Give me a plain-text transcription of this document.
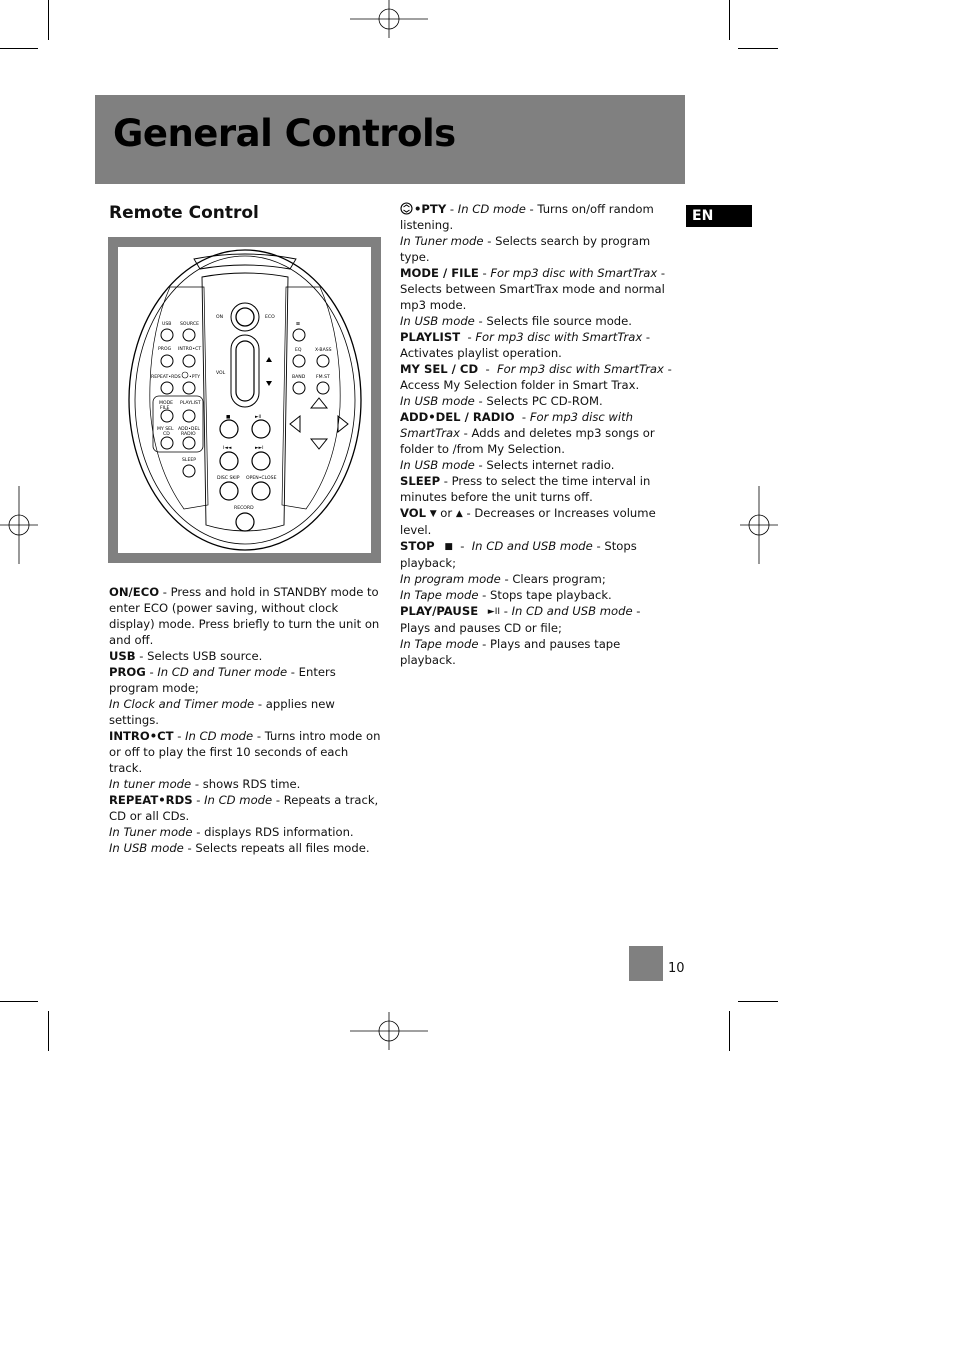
General Controls
Remote Control	EN
ON	ECO
USB SOURCE
PROG INTRO•CT
REPEAT•RDS •PTY
MODE
FILE
PLAYLIST
MY SEL
CD
ADD•DEL
RADIO
SLEEP
VOL
⊠
EQ	X-BASS
BAND FM.ST
■	►II
I◄◄	►►I
DISC SKIP OPEN•CLOSE
RECORD

ON/ECO - Press and hold in STANDBY mode to enter ECO (power saving, without clock display) mode. Press briefly to turn the unit on and off.

USB - Selects USB source.

PROG - In CD and Tuner mode - Enters program mode;

In Clock and Timer mode - applies new settings.

INTRO•CT - In CD mode - Turns intro mode on or off to play the first 10 seconds of each track.

In tuner mode - shows RDS time.

REPEAT•RDS - In CD mode - Repeats a track, CD or all CDs.

In Tuner mode - displays RDS information.

In USB mode - Selects repeats all files mode.

•PTY - In CD mode - Turns on/off random listening.

In Tuner mode - Selects search by program type.

MODE / FILE - For mp3 disc with SmartTrax - Selects between SmartTrax mode and normal mp3 mode.

In USB mode - Selects file source mode.

PLAYLIST  - For mp3 disc with SmartTrax - Activates playlist operation.

MY SEL / CD  -  For mp3 disc with SmartTrax - Access My Selection folder in Smart Trax.

In USB mode - Selects PC CD-ROM.

ADD•DEL / RADIO  - For mp3 disc with SmartTrax - Adds and deletes mp3 songs or folder to /from My Selection.

In USB mode - Selects internet radio.

SLEEP - Press to select the time interval in minutes before the unit turns off.

VOL ▼ or ▲ - Decreases or Increases volume level.

STOP ■  -  In CD and USB mode - Stops playback;

In program mode - Clears program;

In Tape mode - Stops tape playback.

PLAY/PAUSE ►II - In CD and USB mode - Plays and pauses CD or file;

In Tape mode - Plays and pauses tape playback.

10
